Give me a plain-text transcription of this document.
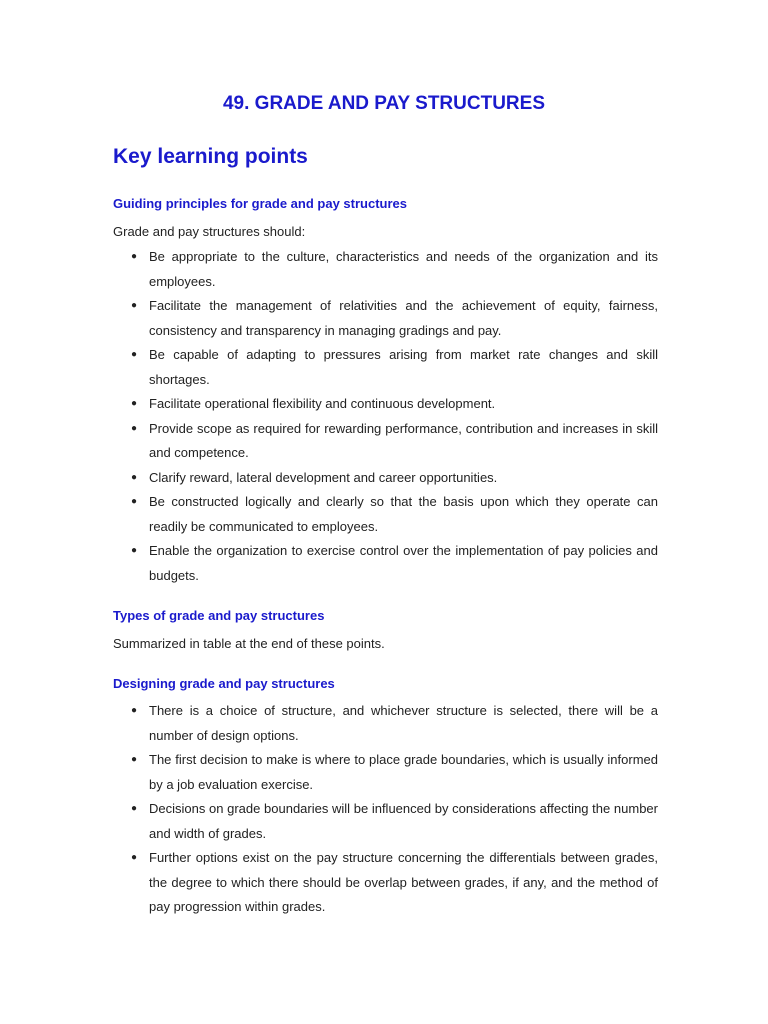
49. GRADE AND PAY STRUCTURES
Key learning points
Guiding principles for grade and pay structures

Grade and pay structures should:

● Be appropriate to the culture, characteristics and needs of the organization and its employees.
● Facilitate the management of relativities and the achievement of equity, fairness, consistency and transparency in managing gradings and pay.
● Be capable of adapting to pressures arising from market rate changes and skill shortages.
● Facilitate operational flexibility and continuous development.
● Provide scope as required for rewarding performance, contribution and increases in skill and competence.
● Clarify reward, lateral development and career opportunities.
● Be constructed logically and clearly so that the basis upon which they operate can readily be communicated to employees.
● Enable the organization to exercise control over the implementation of pay policies and budgets.
Types of grade and pay structures

Summarized in table at the end of these points.

Designing grade and pay structures
● There is a choice of structure, and whichever structure is selected, there will be a number of design options.
● The first decision to make is where to place grade boundaries, which is usually informed by a job evaluation exercise.
● Decisions on grade boundaries will be influenced by considerations affecting the number and width of grades.
● Further options exist on the pay structure concerning the differentials between grades, the degree to which there should be overlap between grades, if any, and the method of pay progression within grades.
